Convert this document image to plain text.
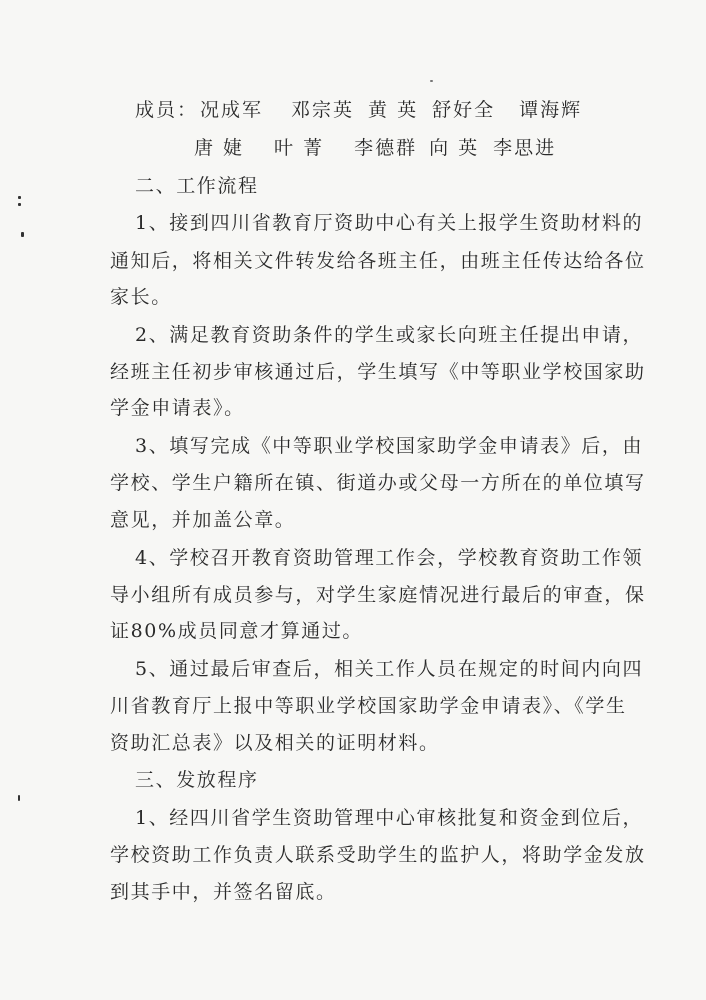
成员： 况成军 邓宗英 黄 英 舒好全 谭海辉
唐 婕 叶 菁 李德群 向 英 李思进
二、工作流程
1、接到四川省教育厅资助中心有关上报学生资助材料的
通知后，将相关文件转发给各班主任，由班主任传达给各位
家长。
2、满足教育资助条件的学生或家长向班主任提出申请，
经班主任初步审核通过后，学生填写《中等职业学校国家助
学金申请表》。
3、填写完成《中等职业学校国家助学金申请表》后，由
学校、学生户籍所在镇、街道办或父母一方所在的单位填写
意见，并加盖公章。
4、学校召开教育资助管理工作会，学校教育资助工作领
导小组所有成员参与，对学生家庭情况进行最后的审查，保
证80%成员同意才算通过。
5、通过最后审查后，相关工作人员在规定的时间内向四
川省教育厅上报中等职业学校国家助学金申请表》、《学生
资助汇总表》以及相关的证明材料。
三、发放程序
1、经四川省学生资助管理中心审核批复和资金到位后，
学校资助工作负责人联系受助学生的监护人，将助学金发放
到其手中，并签名留底。
